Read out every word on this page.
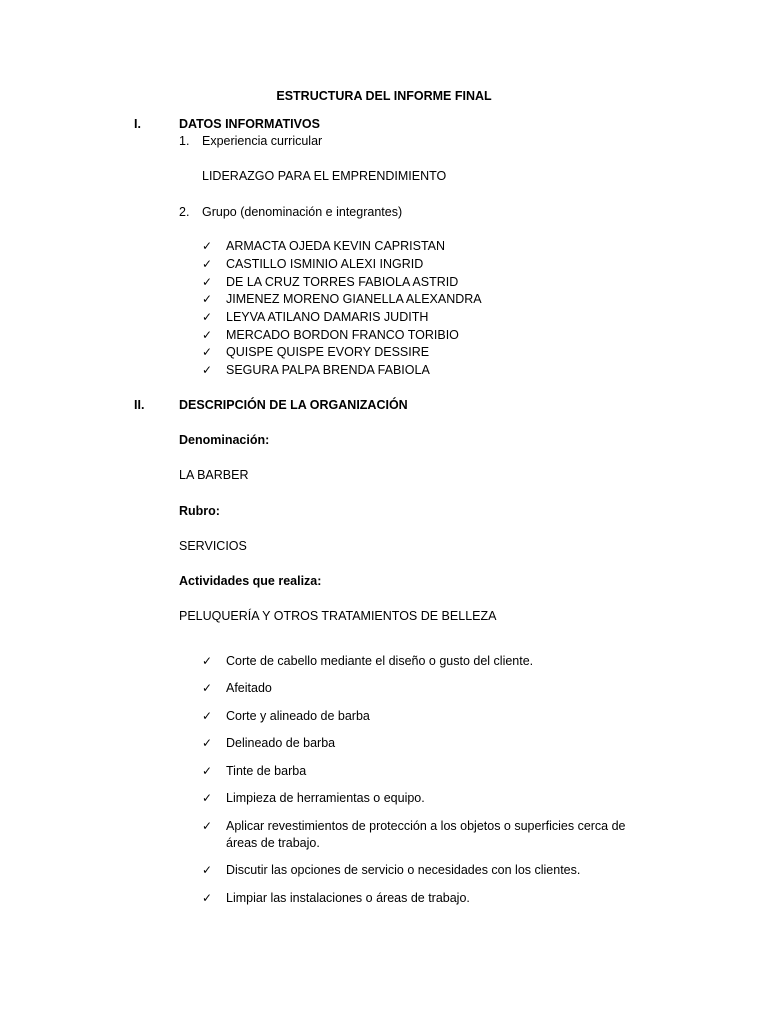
ESTRUCTURA DEL INFORME FINAL
I.	DATOS INFORMATIVOS
1. Experiencia curricular
LIDERAZGO PARA EL EMPRENDIMIENTO
2. Grupo (denominación e integrantes)
✓	ARMACTA OJEDA KEVIN CAPRISTAN
✓	CASTILLO ISMINIO ALEXI INGRID
✓	DE LA CRUZ TORRES FABIOLA ASTRID
✓	JIMENEZ MORENO GIANELLA ALEXANDRA
✓	LEYVA ATILANO DAMARIS JUDITH
✓	MERCADO BORDON FRANCO TORIBIO
✓	QUISPE QUISPE EVORY DESSIRE
✓	SEGURA PALPA BRENDA FABIOLA
II.	DESCRIPCIÓN DE LA ORGANIZACIÓN
Denominación:
LA BARBER
Rubro:
SERVICIOS
Actividades que realiza:
PELUQUERÍA Y OTROS TRATAMIENTOS DE BELLEZA
✓	Corte de cabello mediante el diseño o gusto del cliente.
✓	Afeitado
✓	Corte y alineado de barba
✓	Delineado de barba
✓	Tinte de barba
✓	Limpieza de herramientas o equipo.
✓	Aplicar revestimientos de protección a los objetos o superficies cerca de áreas de trabajo.
✓	Discutir las opciones de servicio o necesidades con los clientes.
✓	Limpiar las instalaciones o áreas de trabajo.
